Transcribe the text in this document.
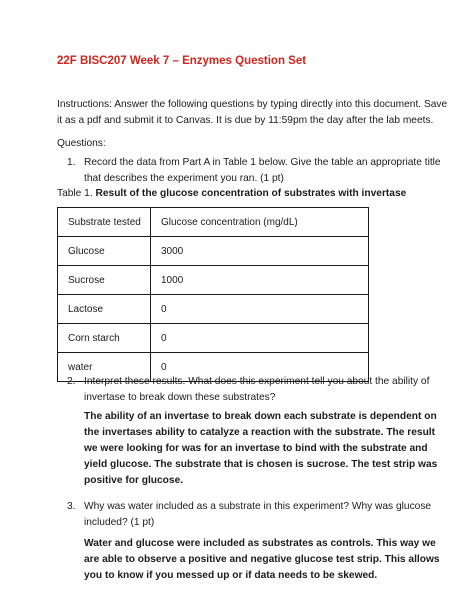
22F BISC207 Week 7 – Enzymes Question Set
Instructions: Answer the following questions by typing directly into this document. Save
it as a pdf and submit it to Canvas. It is due by 11:59pm the day after the lab meets.
Questions:
1. Record the data from Part A in Table 1 below. Give the table an appropriate title
that describes the experiment you ran. (1 pt)
Table 1. Result of the glucose concentration of substrates with invertase
Substrate tested	Glucose concentration (mg/dL)
Glucose	3000
Sucrose	1000
Lactose	0
Corn starch	0
water	0
2. Interpret these results. What does this experiment tell you about the ability of
invertase to break down these substrates?
The ability of an invertase to break down each substrate is dependent on
the invertases ability to catalyze a reaction with the substrate. The result
we were looking for was for an invertase to bind with the substrate and
yield glucose. The substrate that is chosen is sucrose. The test strip was
positive for glucose.
3. Why was water included as a substrate in this experiment? Why was glucose
included? (1 pt)
Water and glucose were included as substrates as controls. This way we
are able to observe a positive and negative glucose test strip. This allows
you to know if you messed up or if data needs to be skewed.
